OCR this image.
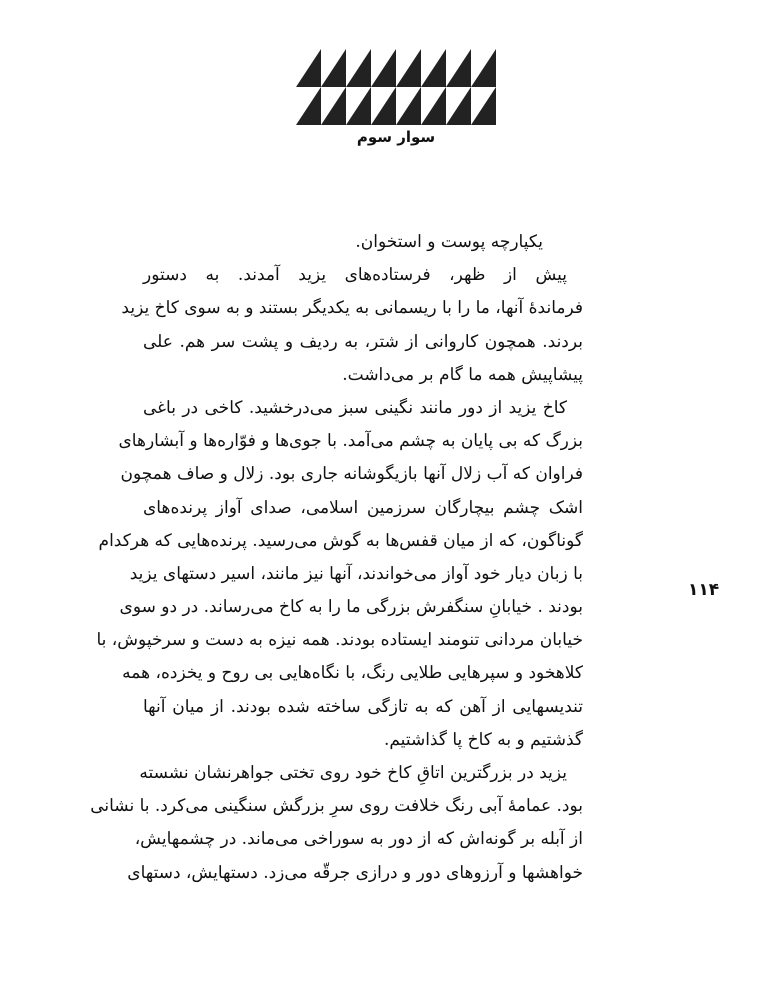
سوار سوم
۱۱۴
یکپارچه پوست و استخوان.
پیش از ظهر، فرستاده‌های یزید آمدند. به دستور
فرماندهٔ آنها، ما را با ریسمانی به یکدیگر بستند و به سوی کاخ یزید
بردند. همچون کاروانی از شتر، به ردیف و پشت سر هم. علی
پیشاپیش همه ما گام بر می‌داشت.
کاخ یزید از دور مانند نگینی سبز می‌درخشید. کاخی در باغی
بزرگ که بی پایان به چشم می‌آمد. با جوی‌ها و فوّاره‌ها و آبشارهای
فراوان که آب زلال آنها بازیگوشانه جاری بود. زلال و صاف همچون
اشک چشم بیچارگان سرزمین اسلامی، صدای آواز پرنده‌های
گوناگون، که از میان قفس‌ها به گوش می‌رسید. پرنده‌هایی که هرکدام
با زبان دیار خود آواز می‌خواندند، آنها نیز مانند، اسیر دستهای یزید
بودند . خیابانِ سنگفرش بزرگی ما را به کاخ می‌رساند. در دو سوی
خیابان مردانی تنومند ایستاده بودند. همه نیزه به دست و سرخپوش، با
کلاهخود و سپرهایی طلایی رنگ، با نگاه‌هایی بی روح و یخزده، همه
تندیسهایی از آهن که به تازگی ساخته شده بودند. از میان آنها
گذشتیم و به کاخ پا گذاشتیم.
یزید در بزرگترین اتاقِ کاخ خود روی تختی جواهرنشان نشسته
بود. عمامهٔ آبی رنگ خلافت روی سرِ بزرگش سنگینی می‌کرد. با نشانی
از آبله بر گونه‌اش که از دور به سوراخی می‌ماند. در چشمهایش،
خواهشها و آرزوهای دور و درازی جرقّه می‌زد. دستهایش، دستهای
